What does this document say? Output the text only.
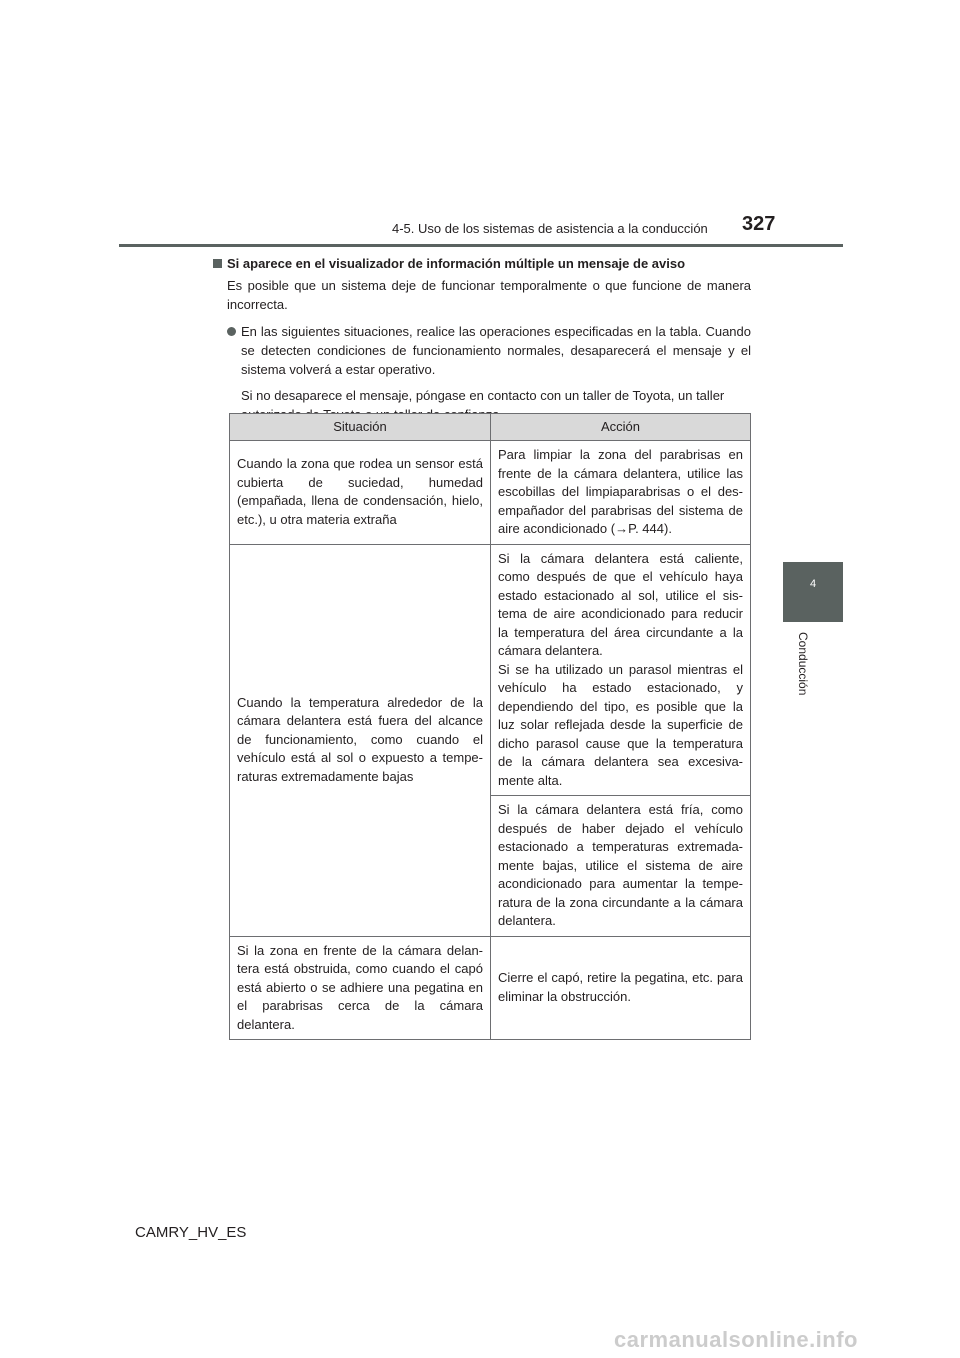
4-5. Uso de los sistemas de asistencia a la conducción 327
4
Conducción

Si aparece en el visualizador de información múltiple un mensaje de aviso

Es posible que un sistema deje de funcionar temporalmente o que funcione de manera incorrecta.

En las siguientes situaciones, realice las operaciones especificadas en la tabla. Cuando se detecten condiciones de funcionamiento normales, desaparecerá el mensaje y el sistema volverá a estar operativo.

Si no desaparece el mensaje, póngase en contacto con un taller de Toyota, un taller

Situación	Acción
Cuando la zona que rodea un sensor está cubierta de suciedad, humedad (empañada, llena de condensación, hielo, etc.), u otra materia extraña	Para limpiar la zona del parabrisas en frente de la cámara delantera, utilice las escobillas del limpiaparabrisas o el des-empañador del parabrisas del sistema de aire acondicionado (→P. 444).
Cuando la temperatura alrededor de la cámara delantera está fuera del alcance de funcionamiento, como cuando el vehículo está al sol o expuesto a tempe-raturas extremadamente bajas	Si la cámara delantera está caliente, como después de que el vehículo haya estado estacionado al sol, utilice el sis-tema de aire acondicionado para reducir la temperatura del área circundante a la cámara delantera.
Si se ha utilizado un parasol mientras el vehículo ha estado estacionado, y dependiendo del tipo, es posible que la luz solar reflejada desde la superficie de dicho parasol cause que la temperatura de la cámara delantera sea excesiva-mente alta.

	Si la cámara delantera está fría, como después de haber dejado el vehículo estacionado a temperaturas extremada-mente bajas, utilice el sistema de aire acondicionado para aumentar la tempe-ratura de la zona circundante a la cámara delantera.
Si la zona en frente de la cámara delan-tera está obstruida, como cuando el capó está abierto o se adhiere una pegatina en el parabrisas cerca de la cámara delantera.	Cierre el capó, retire la pegatina, etc. para eliminar la obstrucción.
CAMRY_HV_ES
carmanualsonline.info
